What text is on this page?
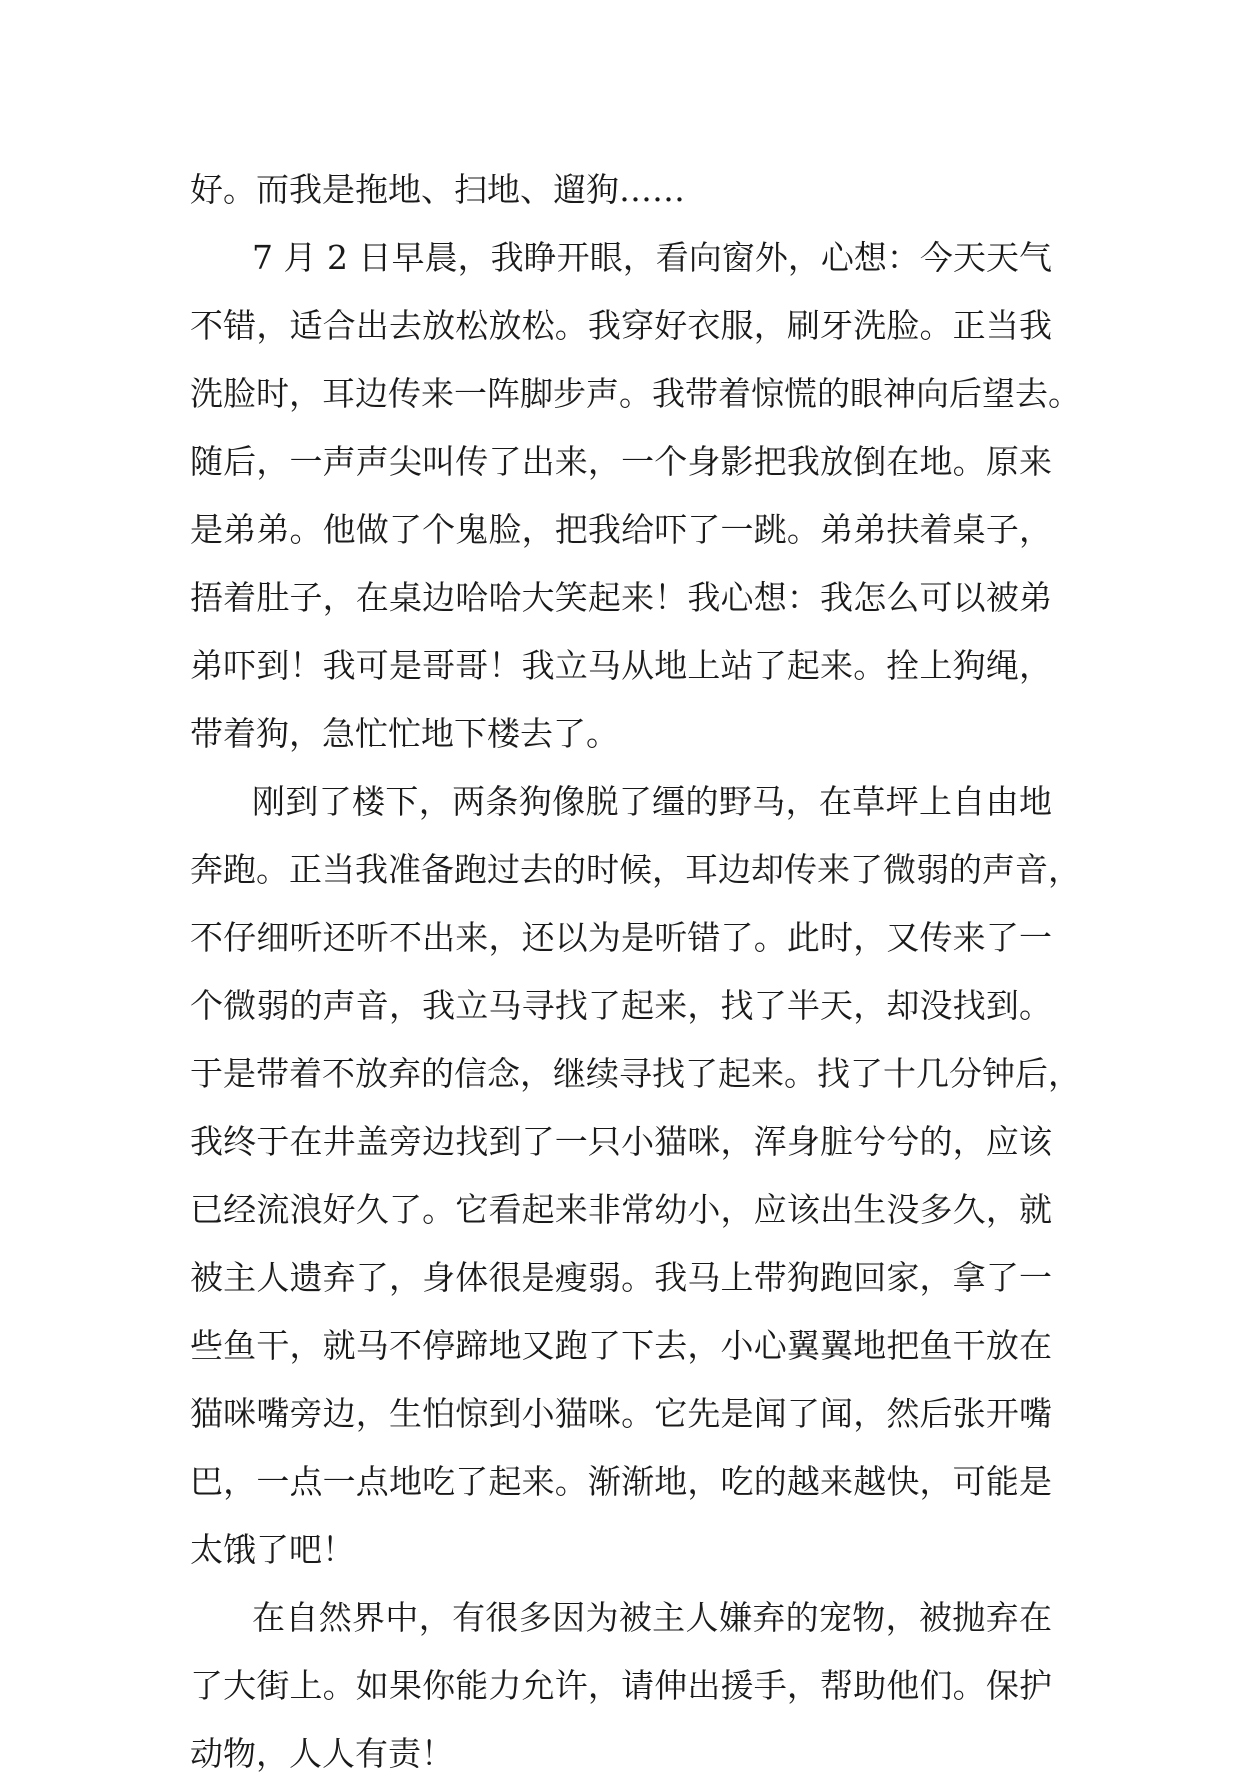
好。而我是拖地、扫地、遛狗……
7 月 2 日早晨，我睁开眼，看向窗外，心想：今天天气
不错，适合出去放松放松。我穿好衣服，刷牙洗脸。正当我
洗脸时，耳边传来一阵脚步声。我带着惊慌的眼神向后望去。
随后，一声声尖叫传了出来，一个身影把我放倒在地。原来
是弟弟。他做了个鬼脸，把我给吓了一跳。弟弟扶着桌子，
捂着肚子，在桌边哈哈大笑起来！我心想：我怎么可以被弟
弟吓到！我可是哥哥！我立马从地上站了起来。拴上狗绳，
带着狗，急忙忙地下楼去了。
刚到了楼下，两条狗像脱了缰的野马，在草坪上自由地
奔跑。正当我准备跑过去的时候，耳边却传来了微弱的声音，
不仔细听还听不出来，还以为是听错了。此时，又传来了一
个微弱的声音，我立马寻找了起来，找了半天，却没找到。
于是带着不放弃的信念，继续寻找了起来。找了十几分钟后，
我终于在井盖旁边找到了一只小猫咪，浑身脏兮兮的，应该
已经流浪好久了。它看起来非常幼小，应该出生没多久，就
被主人遗弃了，身体很是瘦弱。我马上带狗跑回家，拿了一
些鱼干，就马不停蹄地又跑了下去，小心翼翼地把鱼干放在
猫咪嘴旁边，生怕惊到小猫咪。它先是闻了闻，然后张开嘴
巴，一点一点地吃了起来。渐渐地，吃的越来越快，可能是
太饿了吧！
在自然界中，有很多因为被主人嫌弃的宠物，被抛弃在
了大街上。如果你能力允许，请伸出援手，帮助他们。保护
动物，人人有责！
